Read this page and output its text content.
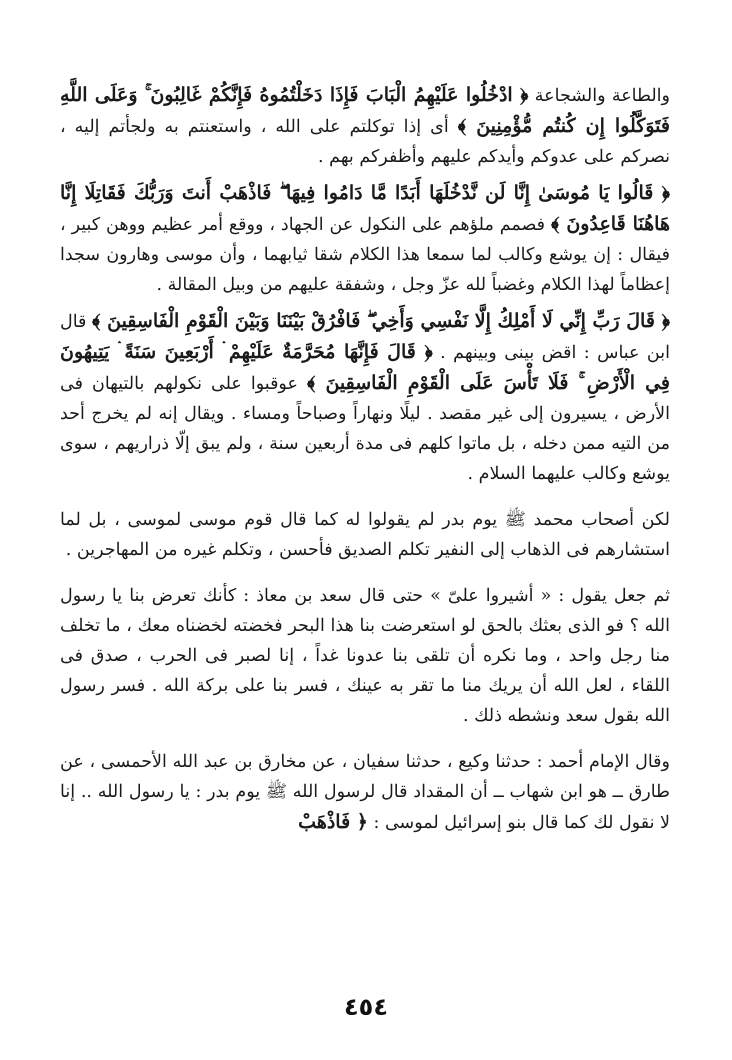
والطاعة والشجاعة ﴿ ادْخُلُوا عَلَيْهِمُ الْبَابَ فَإِذَا دَخَلْتُمُوهُ فَإِنَّكُمْ غَالِبُونَ ۚ وَعَلَى اللَّهِ فَتَوَكَّلُوا إِن كُنتُم مُّؤْمِنِينَ ﴾ أى إذا توكلتم على الله ، واستعنتم به ولجأتم إليه ، نصركم على عدوكم وأيدكم عليهم وأظفركم بهم .

﴿ قَالُوا يَا مُوسَىٰ إِنَّا لَن نَّدْخُلَهَا أَبَدًا مَّا دَامُوا فِيهَا ۖ فَاذْهَبْ أَنتَ وَرَبُّكَ فَقَاتِلَا إِنَّا هَاهُنَا قَاعِدُونَ ﴾ فصمم ملؤهم على النكول عن الجهاد ، ووقع أمر عظيم ووهن كبير ، فيقال : إن يوشع وكالب لما سمعا هذا الكلام شقا ثيابهما ، وأن موسى وهارون سجدا إعظاماً لهذا الكلام وغضباً لله عزّ وجل ، وشفقة عليهم من وبيل المقالة .

﴿ قَالَ رَبِّ إِنِّي لَا أَمْلِكُ إِلَّا نَفْسِي وَأَخِي ۖ فَافْرُقْ بَيْنَنَا وَبَيْنَ الْقَوْمِ الْفَاسِقِينَ ﴾ قال ابن عباس : اقض بينى وبينهم . ﴿ قَالَ فَإِنَّهَا مُحَرَّمَةٌ عَلَيْهِمْ ۛ أَرْبَعِينَ سَنَةً ۛ يَتِيهُونَ فِي الْأَرْضِ ۚ فَلَا تَأْسَ عَلَى الْقَوْمِ الْفَاسِقِينَ ﴾ عوقبوا على نكولهم بالتيهان فى الأرض ، يسيرون إلى غير مقصد . ليلًا ونهاراً وصباحاً ومساء . ويقال إنه لم يخرج أحد من التيه ممن دخله ، بل ماتوا كلهم فى مدة أربعين سنة ، ولم يبق إلّا ذراريهم ، سوى يوشع وكالب عليهما السلام .

لكن أصحاب محمد ﷺ يوم بدر لم يقولوا له كما قال قوم موسى لموسى ، بل لما استشارهم فى الذهاب إلى النفير تكلم الصديق فأحسن ، وتكلم غيره من المهاجرين .

ثم جعل يقول : « أشيروا علىّ » حتى قال سعد بن معاذ : كأنك تعرض بنا يا رسول الله ؟ فو الذى بعثك بالحق لو استعرضت بنا هذا البحر فخضته لخضناه معك ، ما تخلف منا رجل واحد ، وما نكره أن تلقى بنا عدونا غداً ، إنا لصبر فى الحرب ، صدق فى اللقاء ، لعل الله أن يريك منا ما تقر به عينك ، فسر بنا على بركة الله . فسر رسول الله بقول سعد ونشطه ذلك .

وقال الإمام أحمد : حدثنا وكيع ، حدثنا سفيان ، عن مخارق بن عبد الله الأحمسى ، عن طارق ــ هو ابن شهاب ــ أن المقداد قال لرسول الله ﷺ يوم بدر : يا رسول الله .. إنا لا نقول لك كما قال بنو إسرائيل لموسى : ﴿ فَاذْهَبْ

٤٥٤
